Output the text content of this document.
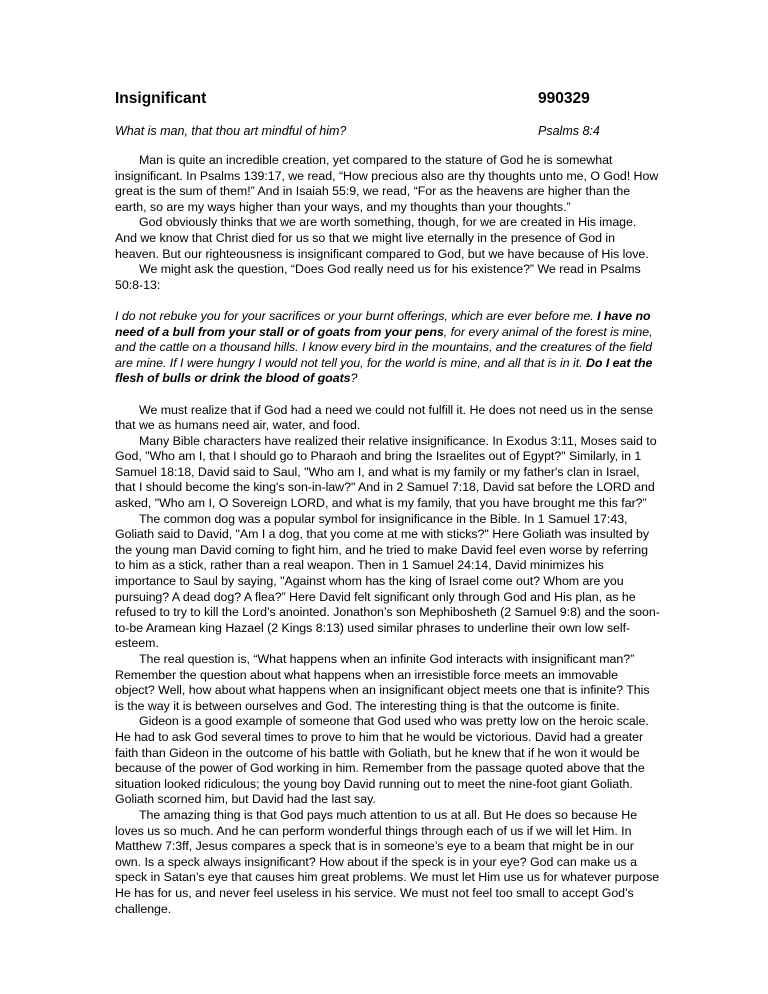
Insignificant	990329
What is man, that thou art mindful of him?	Psalms 8:4

Man is quite an incredible creation, yet compared to the stature of God he is somewhat insignificant. In Psalms 139:17, we read, “How precious also are thy thoughts unto me, O God! How great is the sum of them!” And in Isaiah 55:9, we read, “For as the heavens are higher than the earth, so are my ways higher than your ways, and my thoughts than your thoughts.”

God obviously thinks that we are worth something, though, for we are created in His image. And we know that Christ died for us so that we might live eternally in the presence of God in heaven. But our righteousness is insignificant compared to God, but we have because of His love.

We might ask the question, “Does God really need us for his existence?” We read in Psalms 50:8-13:

I do not rebuke you for your sacrifices or your burnt offerings, which are ever before me. I have no need of a bull from your stall or of goats from your pens, for every animal of the forest is mine, and the cattle on a thousand hills. I know every bird in the mountains, and the creatures of the field are mine. If I were hungry I would not tell you, for the world is mine, and all that is in it. Do I eat the flesh of bulls or drink the blood of goats?

We must realize that if God had a need we could not fulfill it. He does not need us in the sense that we as humans need air, water, and food.

Many Bible characters have realized their relative insignificance. In Exodus 3:11, Moses said to God, "Who am I, that I should go to Pharaoh and bring the Israelites out of Egypt?" Similarly, in 1 Samuel 18:18, David said to Saul, "Who am I, and what is my family or my father's clan in Israel, that I should become the king's son-in-law?" And in 2 Samuel 7:18, David sat before the LORD and asked, "Who am I, O Sovereign LORD, and what is my family, that you have brought me this far?”

The common dog was a popular symbol for insignificance in the Bible. In 1 Samuel 17:43, Goliath said to David, "Am I a dog, that you come at me with sticks?" Here Goliath was insulted by the young man David coming to fight him, and he tried to make David feel even worse by referring to him as a stick, rather than a real weapon. Then in 1 Samuel 24:14, David minimizes his importance to Saul by saying, "Against whom has the king of Israel come out? Whom are you pursuing? A dead dog? A flea?” Here David felt significant only through God and His plan, as he refused to try to kill the Lord’s anointed. Jonathon’s son Mephibosheth (2 Samuel 9:8) and the soon-to-be Aramean king Hazael (2 Kings 8:13) used similar phrases to underline their own low self-esteem.

The real question is, “What happens when an infinite God interacts with insignificant man?” Remember the question about what happens when an irresistible force meets an immovable object? Well, how about what happens when an insignificant object meets one that is infinite? This is the way it is between ourselves and God. The interesting thing is that the outcome is finite.

Gideon is a good example of someone that God used who was pretty low on the heroic scale. He had to ask God several times to prove to him that he would be victorious. David had a greater faith than Gideon in the outcome of his battle with Goliath, but he knew that if he won it would be because of the power of God working in him. Remember from the passage quoted above that the situation looked ridiculous; the young boy David running out to meet the nine-foot giant Goliath. Goliath scorned him, but David had the last say.

The amazing thing is that God pays much attention to us at all. But He does so because He loves us so much. And he can perform wonderful things through each of us if we will let Him. In Matthew 7:3ff, Jesus compares a speck that is in someone’s eye to a beam that might be in our own. Is a speck always insignificant? How about if the speck is in your eye? God can make us a speck in Satan’s eye that causes him great problems. We must let Him use us for whatever purpose He has for us, and never feel useless in his service. We must not feel too small to accept God’s challenge.
